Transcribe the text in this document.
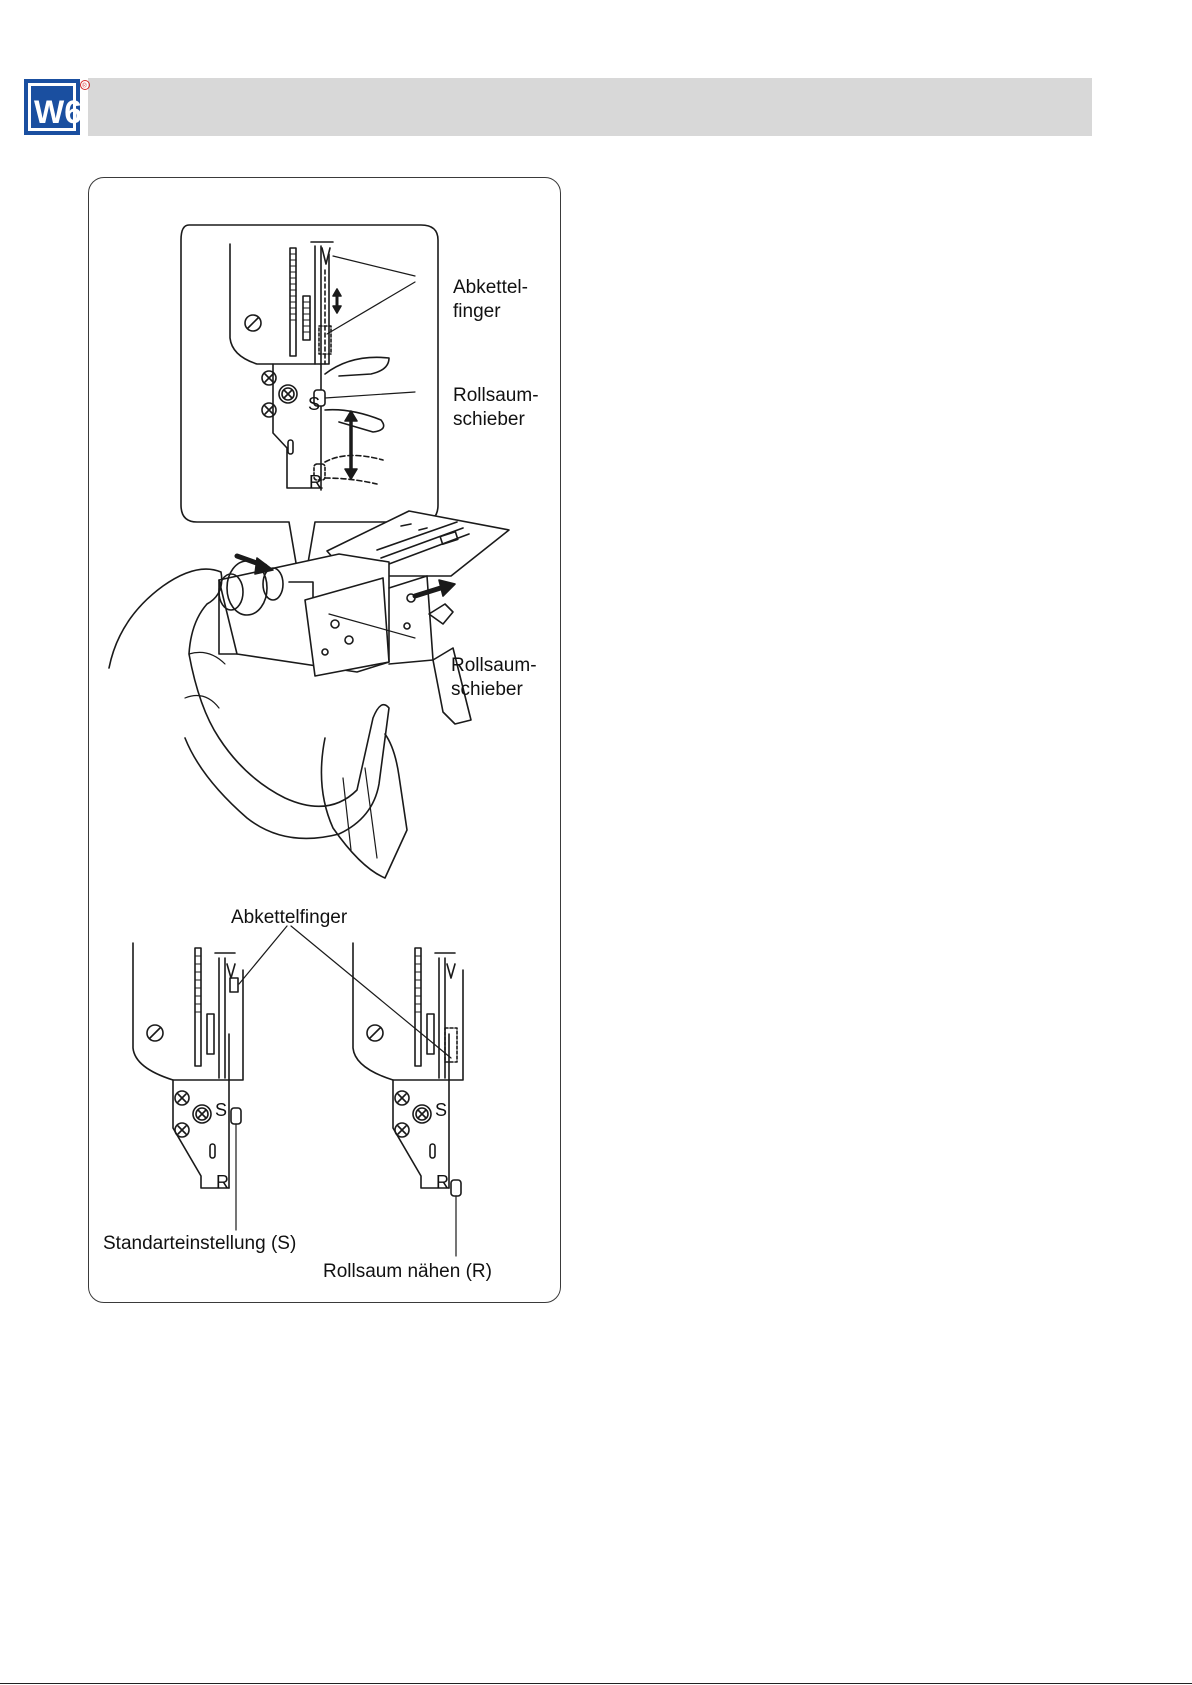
W6
®
Abkettel-
finger
Rollsaum-
schieber
Rollsaum-
schieber
Abkettelfinger
Standarteinstellung (S)
Rollsaum nähen (R)
S
R
S
R
S
R
